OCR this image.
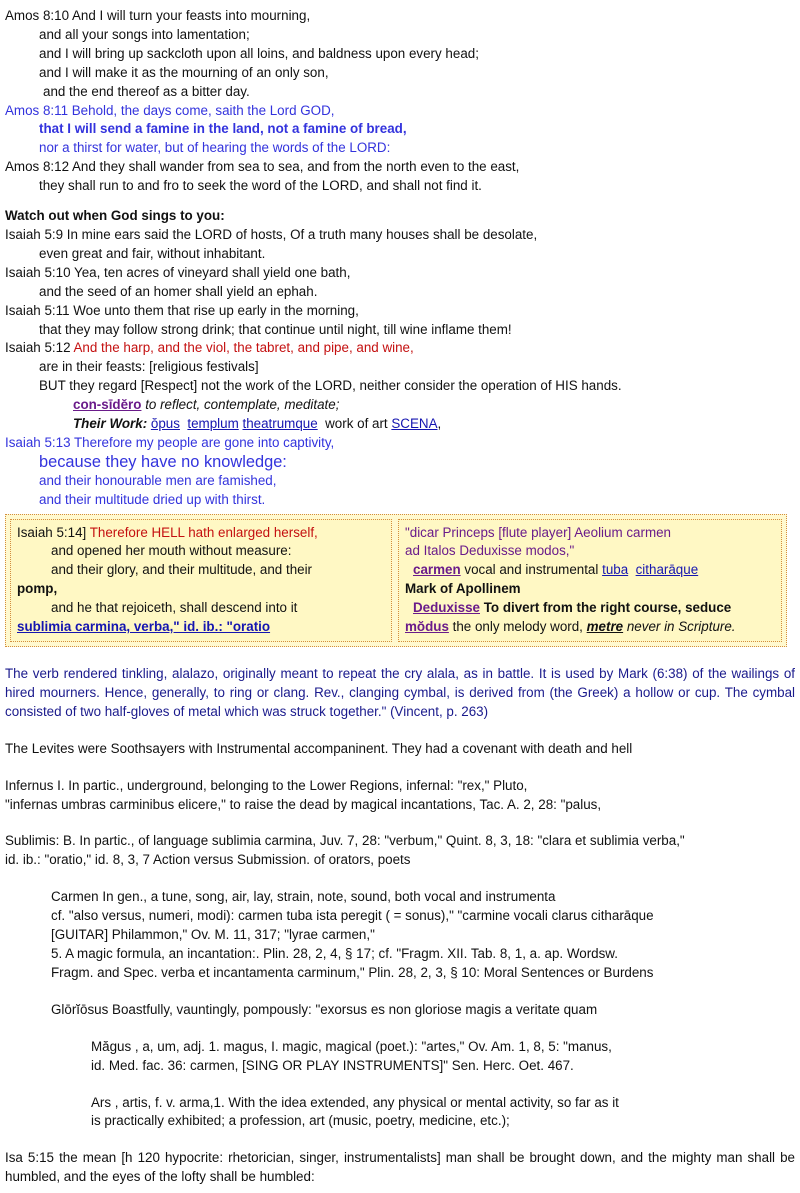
Amos 8:10 And I will turn your feasts into mourning,
and all your songs into lamentation;
and I will bring up sackcloth upon all loins, and baldness upon every head;
and I will make it as the mourning of an only son,
and the end thereof as a bitter day.
Amos 8:11 Behold, the days come, saith the Lord GOD,
that I will send a famine in the land, not a famine of bread,
nor a thirst for water, but of hearing the words of the LORD:
Amos 8:12 And they shall wander from sea to sea, and from the north even to the east,
they shall run to and fro to seek the word of the LORD, and shall not find it.
Watch out when God sings to you:
Isaiah 5:9 In mine ears said the LORD of hosts, Of a truth many houses shall be desolate,
even great and fair, without inhabitant.
Isaiah 5:10 Yea, ten acres of vineyard shall yield one bath,
and the seed of an homer shall yield an ephah.
Isaiah 5:11 Woe unto them that rise up early in the morning,
that they may follow strong drink; that continue until night, till wine inflame them!
Isaiah 5:12 And the harp, and the viol, the tabret, and pipe, and wine,
are in their feasts: [religious festivals]
BUT they regard [Respect] not the work of the LORD, neither consider the operation of HIS hands.
con-sīdĕro to reflect, contemplate, meditate;
Their Work: ŏpus templum theatrumque work of art SCENA,
Isaiah 5:13 Therefore my people are gone into captivity,
because they have no knowledge:
and their honourable men are famished,
and their multitude dried up with thirst.
Isaiah 5:14] Therefore HELL hath enlarged herself,
and opened her mouth without measure:
and their glory, and their multitude, and their
pomp,
and he that rejoiceth, shall descend into it
sublimia carmina, verba," id. ib.: "oratio
"dicar Princeps [flute player] Aeolium carmen
ad Italos Deduxisse modos,"
carmen vocal and instrumental tuba citharāque
Mark of Apollinem
Deduxisse To divert from the right course, seduce
mŏdus the only melody word, metre never in Scripture.
The verb rendered tinkling, alalazo, originally meant to repeat the cry alala, as in battle. It is used by Mark (6:38) of the wailings of hired mourners. Hence, generally, to ring or clang. Rev., clanging cymbal, is derived from (the Greek) a hollow or cup. The cymbal consisted of two half-gloves of metal which was struck together." (Vincent, p. 263)
The Levites were Soothsayers with Instrumental accompaninent. They had a covenant with death and hell
Infernus I. In partic., underground, belonging to the Lower Regions, infernal: "rex," Pluto,
"infernas umbras carminibus elicere," to raise the dead by magical incantations, Tac. A. 2, 28: "palus,
Sublimis: B. In partic., of language sublimia carmina, Juv. 7, 28: "verbum," Quint. 8, 3, 18: "clara et sublimia verba,"
id. ib.: "oratio," id. 8, 3, 7 Action versus Submission. of orators, poets
Carmen In gen., a tune, song, air, lay, strain, note, sound, both vocal and instrumenta
cf. "also versus, numeri, modi): carmen tuba ista peregit ( = sonus)," "carmine vocali clarus citharāque
[GUITAR] Philammon," Ov. M. 11, 317; "lyrae carmen,"
5. A magic formula, an incantation:. Plin. 28, 2, 4, § 17; cf. "Fragm. XII. Tab. 8, 1, a. ap. Wordsw.
Fragm. and Spec. verba et incantamenta carminum," Plin. 28, 2, 3, § 10: Moral Sentences or Burdens
Glōrĭōsus Boastfully, vauntingly, pompously: "exorsus es non gloriose magis a veritate quam
Măgus , a, um, adj. 1. magus, I. magic, magical (poet.): "artes," Ov. Am. 1, 8, 5: "manus,
id. Med. fac. 36: carmen, [SING OR PLAY INSTRUMENTS]" Sen. Herc. Oet. 467.
Ars , artis, f. v. arma,1. With the idea extended, any physical or mental activity, so far as it
is practically exhibited; a profession, art (music, poetry, medicine, etc.);
Isa 5:15 the mean [h 120 hypocrite: rhetorician, singer, instrumentalists] man shall be brought down, and the mighty man shall be humbled, and the eyes of the lofty shall be humbled:
